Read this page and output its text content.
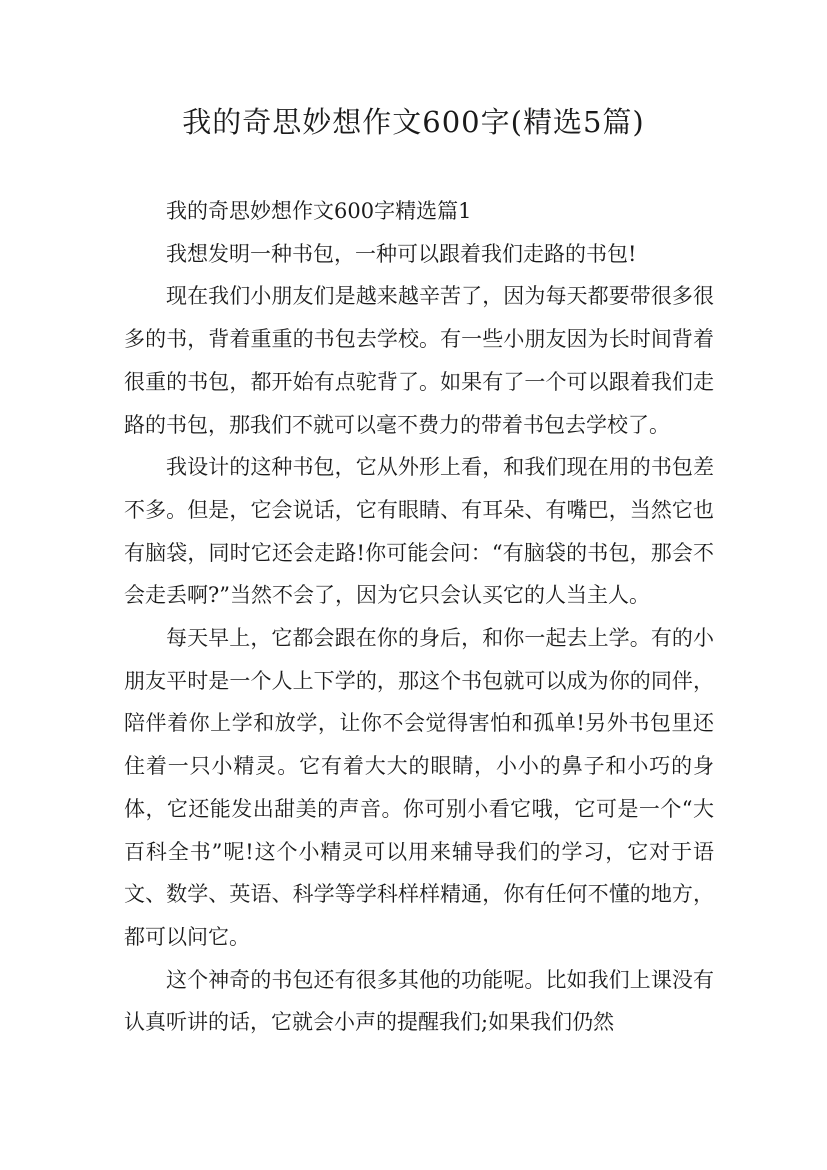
我的奇思妙想作文600字(精选5篇)

我的奇思妙想作文600字精选篇1

我想发明一种书包，一种可以跟着我们走路的书包!

现在我们小朋友们是越来越辛苦了，因为每天都要带很多很多的书，背着重重的书包去学校。有一些小朋友因为长时间背着很重的书包，都开始有点驼背了。如果有了一个可以跟着我们走路的书包，那我们不就可以毫不费力的带着书包去学校了。

我设计的这种书包，它从外形上看，和我们现在用的书包差不多。但是，它会说话，它有眼睛、有耳朵、有嘴巴，当然它也有脑袋，同时它还会走路!你可能会问：“有脑袋的书包，那会不会走丢啊?”当然不会了，因为它只会认买它的人当主人。

每天早上，它都会跟在你的身后，和你一起去上学。有的小朋友平时是一个人上下学的，那这个书包就可以成为你的同伴，陪伴着你上学和放学，让你不会觉得害怕和孤单!另外书包里还住着一只小精灵。它有着大大的眼睛，小小的鼻子和小巧的身体，它还能发出甜美的声音。你可别小看它哦，它可是一个“大百科全书”呢!这个小精灵可以用来辅导我们的学习，它对于语文、数学、英语、科学等学科样样精通，你有任何不懂的地方，都可以问它。

这个神奇的书包还有很多其他的功能呢。比如我们上课没有认真听讲的话，它就会小声的提醒我们;如果我们仍然
